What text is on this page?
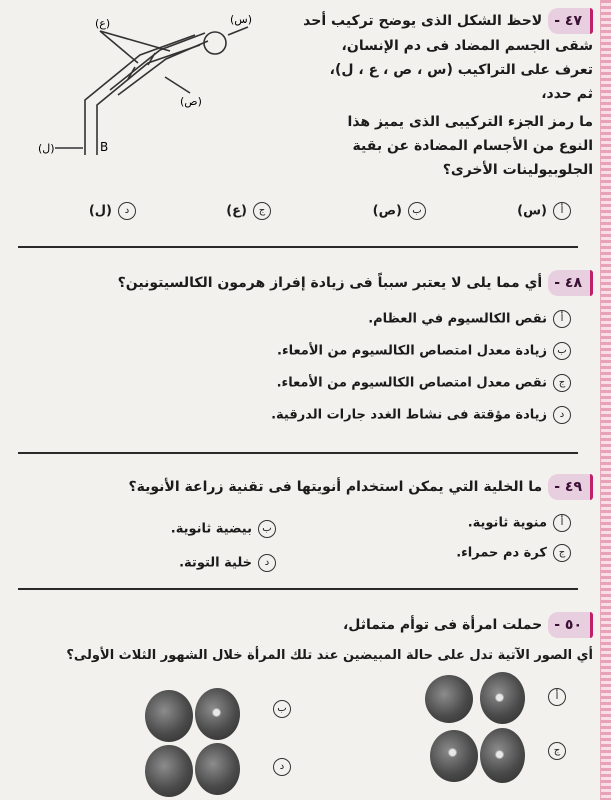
٤٧ -لاحظ الشكل الذى يوضح تركيب أحد
شقى الجسم المضاد فى دم الإنسان،
تعرف على التراكيب (س ، ص ، ع ، ل)،
ثم حدد،
ما رمز الجزء التركيبى الذى يميز هذا
النوع من الأجسام المضادة عن بقية
الجلوبيولينات الأخرى؟
(ع)	(س)
(ص)
(ل)	B
أ(س)
ب(ص)
ج(ع)
د(ل)
٤٨ -أي مما يلى لا يعتبر سبباً فى زيادة إفراز هرمون الكالسيتونين؟
أنقص الكالسيوم في العظام.
بزيادة معدل امتصاص الكالسيوم من الأمعاء.
جنقص معدل امتصاص الكالسيوم من الأمعاء.
دزيادة مؤقتة فى نشاط الغدد جارات الدرقية.
٤٩ -ما الخلية التي يمكن استخدام أنويتها فى تقنية زراعة الأنوية؟
أمنوية ثانوية.
ببيضية ثانوية.
جكرة دم حمراء.
دخلية التوتة.
٥٠ -حملت امرأة فى توأم متماثل،
أي الصور الآتية تدل على حالة المبيضين عند تلك المرأة خلال الشهور الثلاث الأولى؟
أ
ب
ج
د
